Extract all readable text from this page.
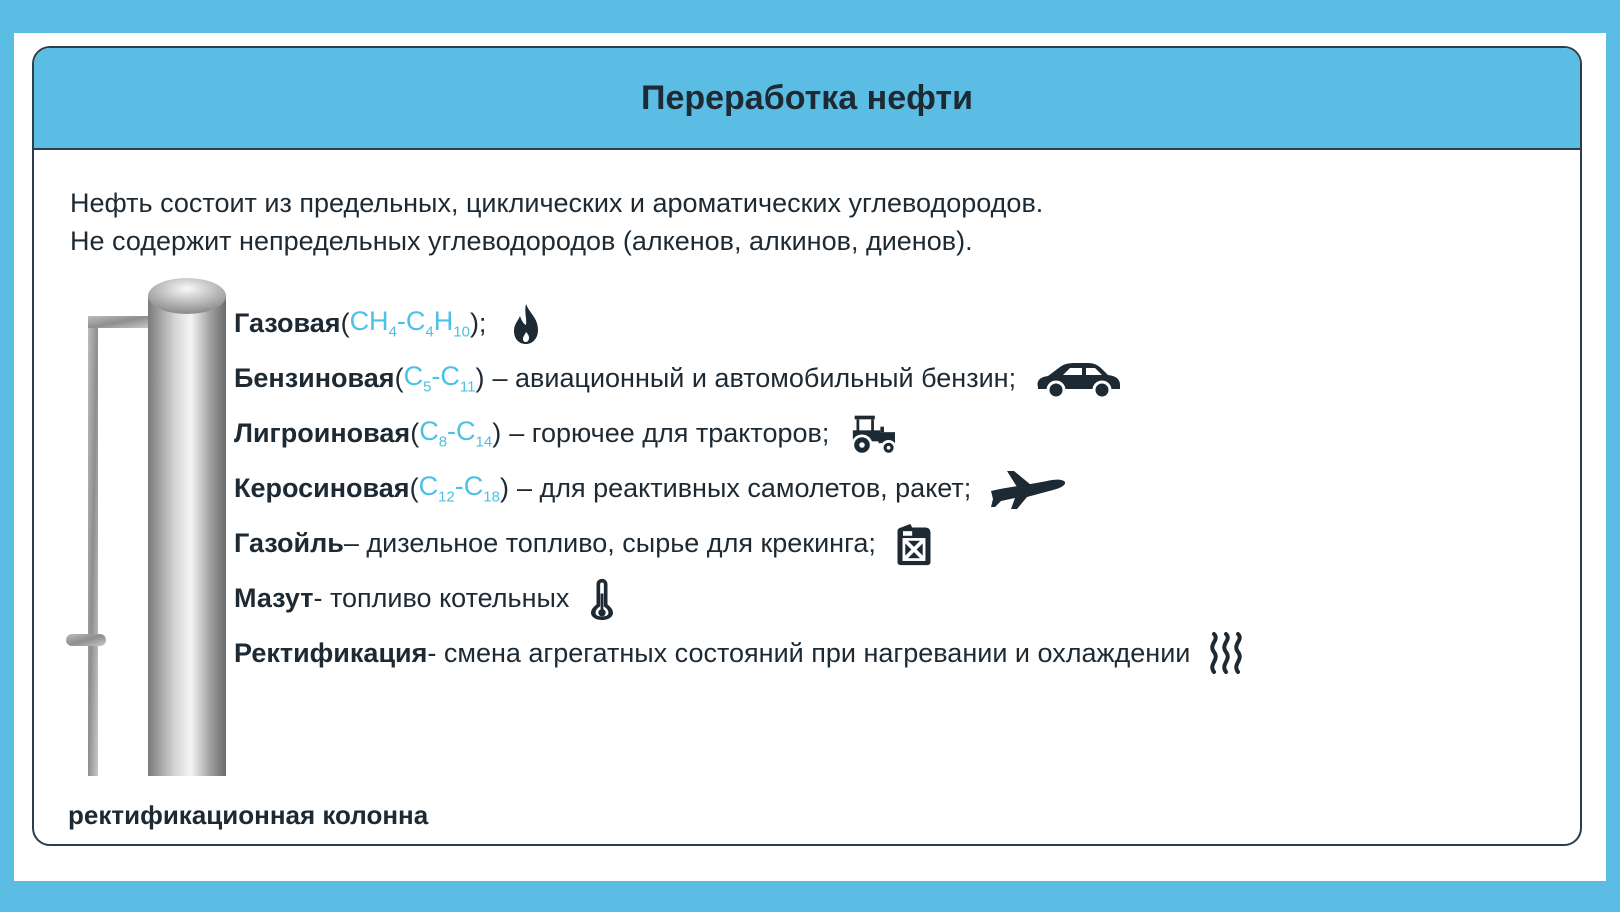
Переработка нефти
Нефть состоит из предельных, циклических и ароматических углеводородов.
Не содержит непредельных углеводородов (алкенов, алкинов, диенов).
ректификационная колонна
Газовая ( $CH_4-C_4H_{10}$ );
Бензиновая ( $C_5-C_{11}$ ) – авиационный и автомобильный бензин;
Лигроиновая ( $C_8-C_{14}$ ) – горючее для тракторов;
Керосиновая ( $C_{12}-C_{18}$ ) – для реактивных самолетов, ракет;
Газойль – дизельное топливо, сырье для крекинга;
Мазут - топливо котельных
Ректификация - смена агрегатных состояний при нагревании и охлаждении
